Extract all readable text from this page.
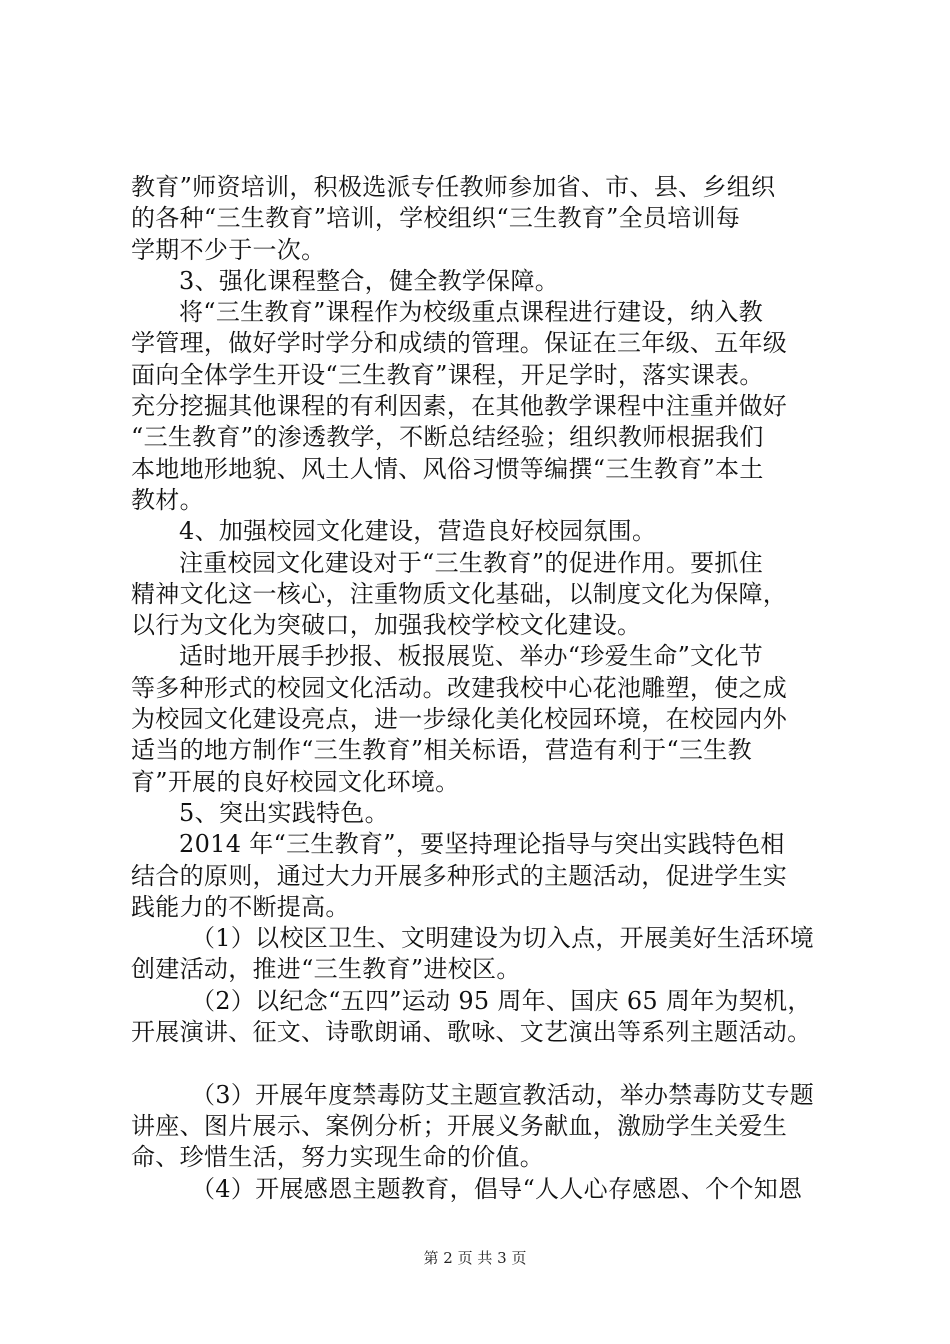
教育”师资培训，积极选派专任教师参加省、市、县、乡组织
的各种“三生教育”培训，学校组织“三生教育”全员培训每
学期不少于一次。
3、强化课程整合，健全教学保障。
将“三生教育”课程作为校级重点课程进行建设，纳入教
学管理，做好学时学分和成绩的管理。保证在三年级、五年级
面向全体学生开设“三生教育”课程，开足学时，落实课表。
充分挖掘其他课程的有利因素，在其他教学课程中注重并做好
“三生教育”的渗透教学，不断总结经验；组织教师根据我们
本地地形地貌、风土人情、风俗习惯等编撰“三生教育”本土
教材。
4、加强校园文化建设，营造良好校园氛围。
注重校园文化建设对于“三生教育”的促进作用。要抓住
精神文化这一核心，注重物质文化基础，以制度文化为保障，
以行为文化为突破口，加强我校学校文化建设。
适时地开展手抄报、板报展览、举办“珍爱生命”文化节
等多种形式的校园文化活动。改建我校中心花池雕塑，使之成
为校园文化建设亮点，进一步绿化美化校园环境，在校园内外
适当的地方制作“三生教育”相关标语，营造有利于“三生教
育”开展的良好校园文化环境。
5、突出实践特色。
2014 年“三生教育”，要坚持理论指导与突出实践特色相
结合的原则，通过大力开展多种形式的主题活动，促进学生实
践能力的不断提高。
（1）以校区卫生、文明建设为切入点，开展美好生活环境
创建活动，推进“三生教育”进校区。
（2）以纪念“五四”运动 95 周年、国庆 65 周年为契机，
开展演讲、征文、诗歌朗诵、歌咏、文艺演出等系列主题活动。
（3）开展年度禁毒防艾主题宣教活动，举办禁毒防艾专题
讲座、图片展示、案例分析；开展义务献血，激励学生关爱生
命、珍惜生活，努力实现生命的价值。
（4）开展感恩主题教育，倡导“人人心存感恩、个个知恩
第 2 页 共 3 页
